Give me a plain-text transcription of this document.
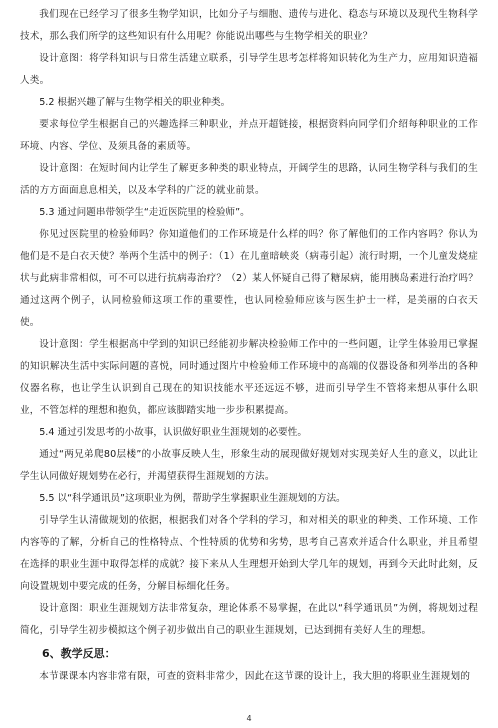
我们现在已经学习了很多生物学知识，比如分子与细胞、遗传与进化、稳态与环境以及现代生物科学技术，那么我们所学的这些知识有什么用呢？你能说出哪些与生物学相关的职业？

设计意图：将学科知识与日常生活建立联系，引导学生思考怎样将知识转化为生产力，应用知识造福人类。

5.2 根据兴趣了解与生物学相关的职业种类。

要求每位学生根据自己的兴趣选择三种职业，并点开超链接，根据资料向同学们介绍每种职业的工作环境、内容、学位、及须具备的素质等。

设计意图：在短时间内让学生了解更多种类的职业特点，开阔学生的思路，认同生物学科与我们的生活的方方面面息息相关，以及本学科的广泛的就业前景。

5.3 通过问题串带领学生“走近医院里的检验师”。

你见过医院里的检验师吗？你知道他们的工作环境是什么样的吗？你了解他们的工作内容吗？你认为他们是不是白衣天使？举两个生活中的例子：（1）在儿童暗峡炎（病毒引起）流行时期，一个儿童发烧症状与此病非常相似，可不可以进行抗病毒治疗？（2）某人怀疑自己得了糖尿病，能用胰岛素进行治疗吗？通过这两个例子，认同检验师这项工作的重要性，也认同检验师应该与医生护士一样，是美丽的白衣天使。

设计意图：学生根据高中学到的知识已经能初步解决检验师工作中的一些问题，让学生体验用已掌握的知识解决生活中实际问题的喜悦，同时通过图片中检验师工作环境中的高端的仪器设备和列举出的各种仪器名称，也让学生认识到自己现在的知识技能水平还远远不够，进而引导学生不管将来想从事什么职业，不管怎样的理想和抱负，都应该脚踏实地一步步积累提高。

5.4 通过引发思考的小故事，认识做好职业生涯规划的必要性。

通过“两兄弟爬80层楼”的小故事反映人生，形象生动的展现做好规划对实现美好人生的意义，以此让学生认同做好规划势在必行，并渴望获得生涯规划的方法。

5.5 以“科学通讯员”这项职业为例，帮助学生掌握职业生涯规划的方法。

引导学生认清做规划的依据，根据我们对各个学科的学习，和对相关的职业的种类、工作环境、工作内容等的了解，分析自己的性格特点、个性特质的优势和劣势，思考自己喜欢并适合什么职业，并且希望在选择的职业生涯中取得怎样的成就？接下来从人生理想开始到大学几年的规划，再到今天此时此刻，反向设置规划中要完成的任务，分解目标细化任务。

设计意图：职业生涯规划方法非常复杂，理论体系不易掌握，在此以“科学通讯员”为例，将规划过程简化，引导学生初步模拟这个例子初步做出自己的职业生涯规划，已达到拥有美好人生的理想。

6、教学反思：

本节课课本内容非常有限，可查的资料非常少，因此在这节课的设计上，我大胆的将职业生涯规划的

4
